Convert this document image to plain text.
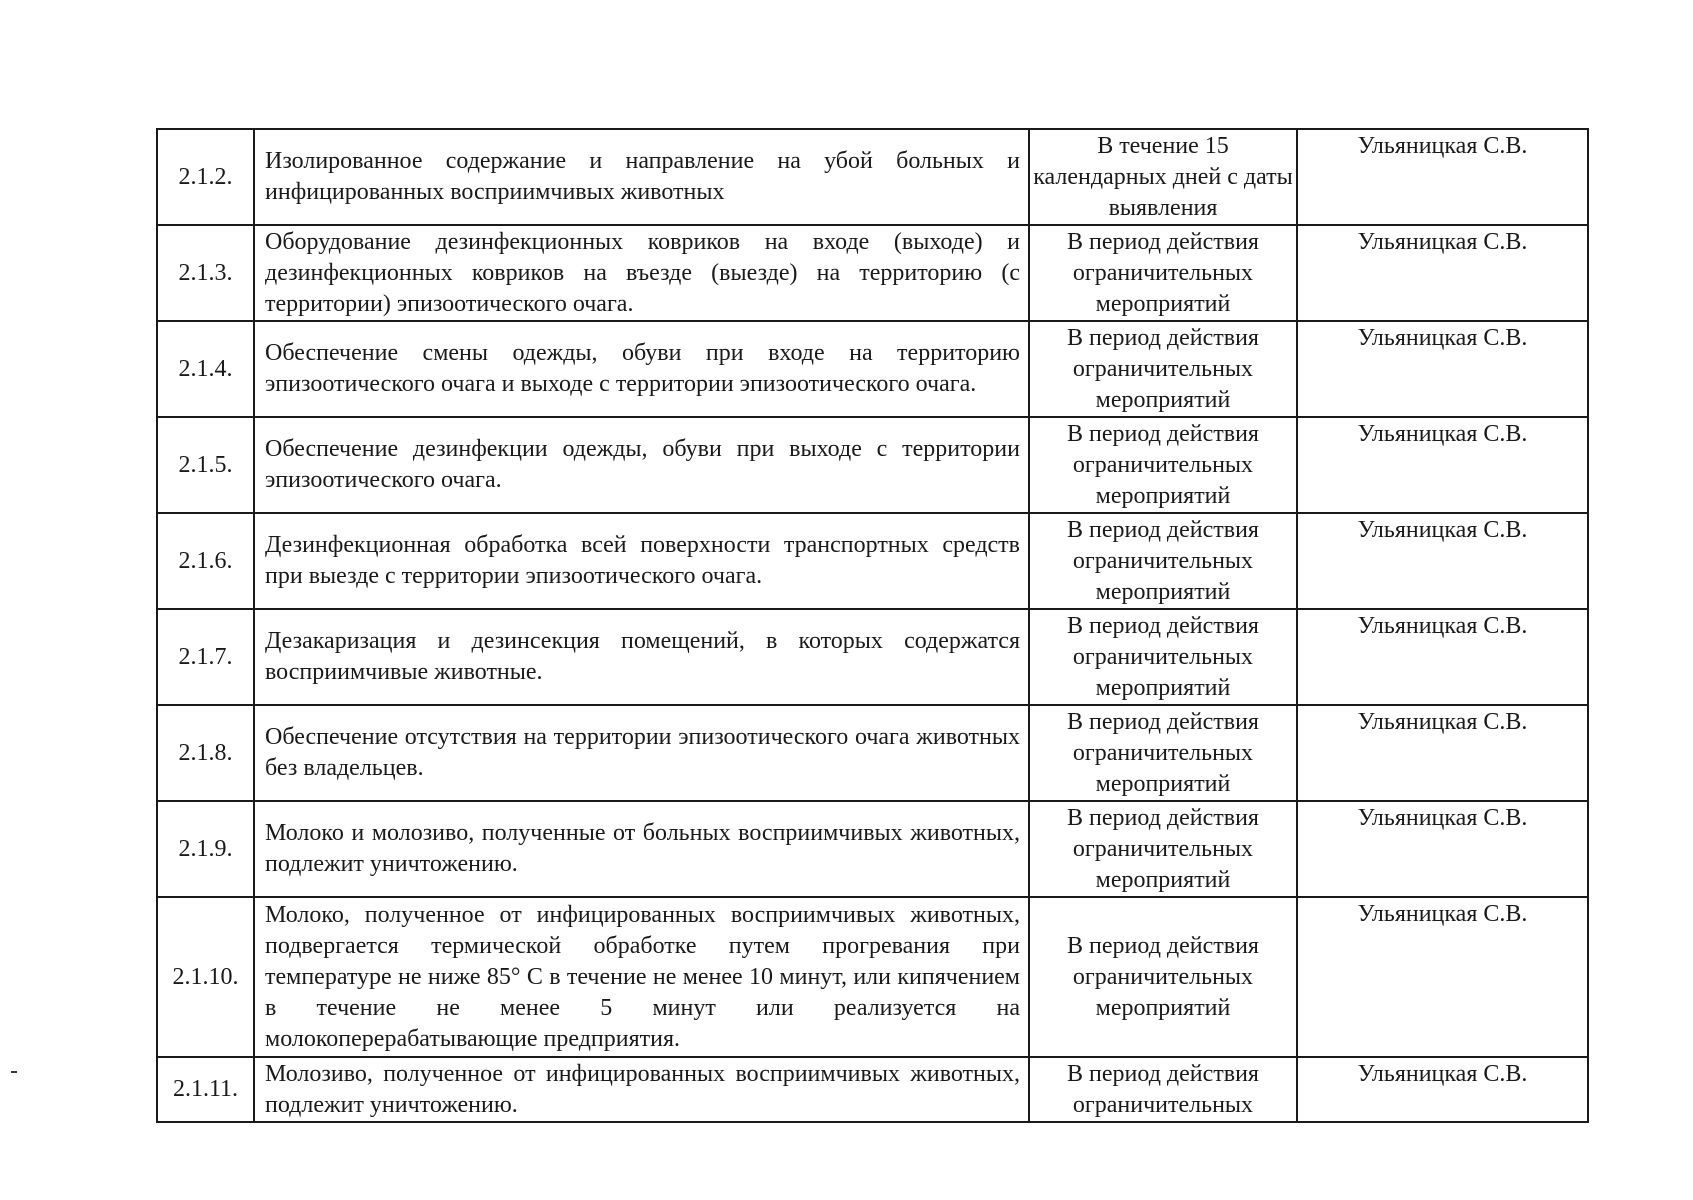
2.1.2.	Изолированное содержание и направление на убой больных и инфицированных восприимчивых животных	В течение 15 календарных дней с даты выявления	Ульяницкая С.В.
2.1.3.	Оборудование дезинфекционных ковриков на входе (выходе) и дезинфекционных ковриков на въезде (выезде) на территорию (с территории) эпизоотического очага.	В период действия ограничительных мероприятий	Ульяницкая С.В.
2.1.4.	Обеспечение смены одежды, обуви при входе на территорию эпизоотического очага и выходе с территории эпизоотического очага.	В период действия ограничительных мероприятий	Ульяницкая С.В.
2.1.5.	Обеспечение дезинфекции одежды, обуви при выходе с территории эпизоотического очага.	В период действия ограничительных мероприятий	Ульяницкая С.В.
2.1.6.	Дезинфекционная обработка всей поверхности транспортных средств при выезде с территории эпизоотического очага.	В период действия ограничительных мероприятий	Ульяницкая С.В.
2.1.7.	Дезакаризация и дезинсекция помещений, в которых содержатся восприимчивые животные.	В период действия ограничительных мероприятий	Ульяницкая С.В.
2.1.8.	Обеспечение отсутствия на территории эпизоотического очага животных без владельцев.	В период действия ограничительных мероприятий	Ульяницкая С.В.
2.1.9.	Молоко и молозиво, полученные от больных восприимчивых животных, подлежит уничтожению.	В период действия ограничительных мероприятий	Ульяницкая С.В.
2.1.10.	Молоко, полученное от инфицированных восприимчивых животных, подвергается термической обработке путем прогревания при температуре не ниже 85° С в течение не менее 10 минут, или кипячением в течение не менее 5 минут или реализуется на молокоперерабатывающие предприятия.	В период действия ограничительных мероприятий	Ульяницкая С.В.
2.1.11.	Молозиво, полученное от инфицированных восприимчивых животных, подлежит уничтожению.	В период действия ограничительных	Ульяницкая С.В.
